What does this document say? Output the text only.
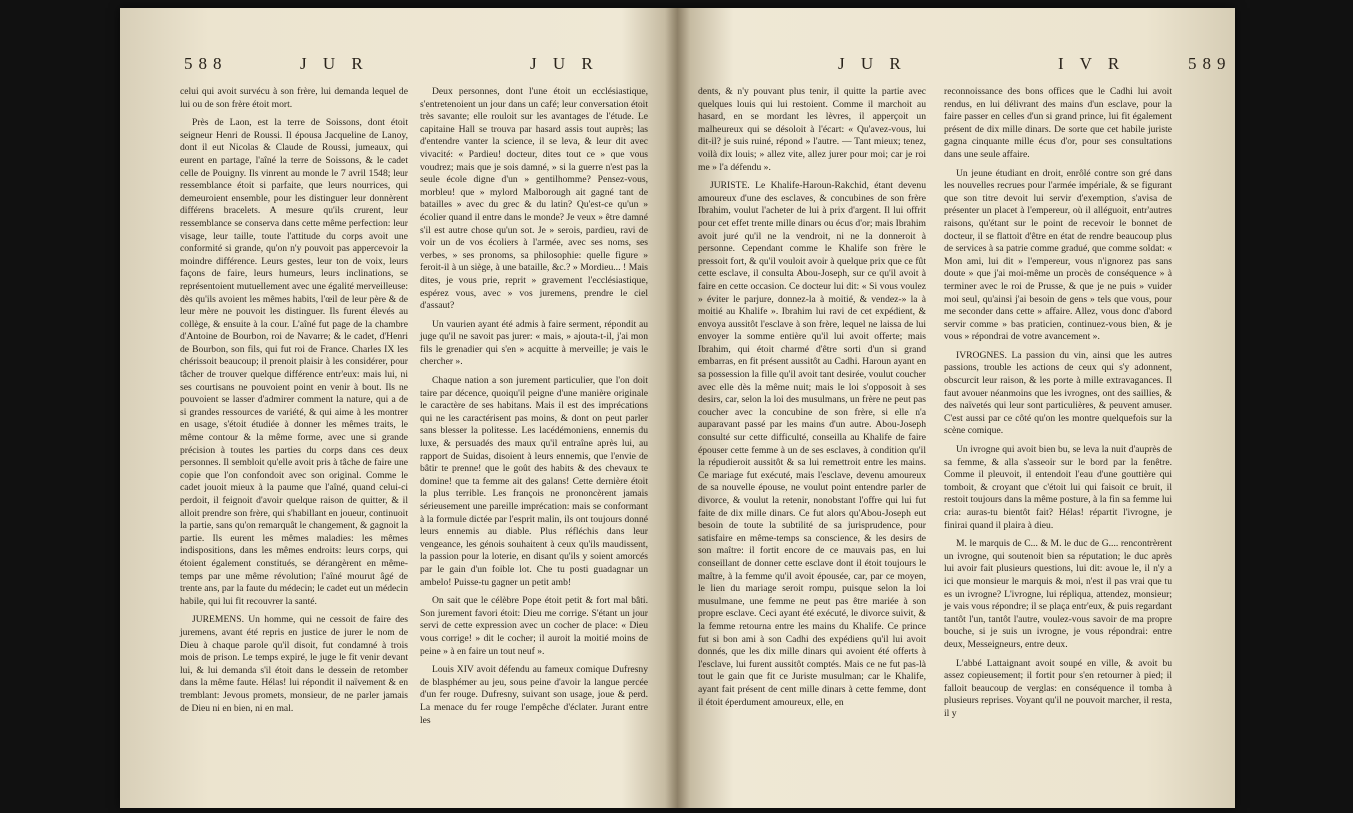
588	J U R	J U R

celui qui avoit survécu à son frère, lui demanda lequel de lui ou de son frère étoit mort.

Près de Laon, est la terre de Soissons, dont étoit seigneur Henri de Roussi. Il épousa Jacqueline de Lanoy, dont il eut Nicolas & Claude de Roussi, jumeaux, qui eurent en partage, l'aîné la terre de Soissons, & le cadet celle de Pouigny. Ils vinrent au monde le 7 avril 1548; leur ressemblance étoit si parfaite, que leurs nourrices, qui demeuroient ensemble, pour les distinguer leur donnèrent différens bracelets. A mesure qu'ils crurent, leur ressemblance se conserva dans cette même perfection: leur visage, leur taille, toute l'attitude du corps avoit une conformité si grande, qu'on n'y pouvoit pas appercevoir la moindre différence. Leurs gestes, leur ton de voix, leurs façons de faire, leurs humeurs, leurs inclinations, se représentoient mutuellement avec une égalité merveilleuse: dès qu'ils avoient les mêmes habits, l'œil de leur père & de leur mère ne pouvoit les distinguer. Ils furent élevés au collège, & ensuite à la cour. L'aîné fut page de la chambre d'Antoine de Bourbon, roi de Navarre; & le cadet, d'Henri de Bourbon, son fils, qui fut roi de France. Charles IX les chérissoit beaucoup; il prenoit plaisir à les considérer, pour tâcher de trouver quelque différence entr'eux: mais lui, ni ses courtisans ne pouvoient point en venir à bout. Ils ne pouvoient se lasser d'admirer comment la nature, qui a de si grandes ressources de variété, & qui aime à les montrer en usage, s'étoit étudiée à donner les mêmes traits, le même contour & la même forme, avec une si grande précision à toutes les parties du corps dans ces deux personnes. Il sembloit qu'elle avoit pris à tâche de faire une copie que l'on confondoit avec son original. Comme le cadet jouoit mieux à la paume que l'aîné, quand celui-ci perdoit, il feignoit d'avoir quelque raison de quitter, & il alloit prendre son frère, qui s'habillant en joueur, continuoit la partie, sans qu'on remarquât le changement, & gagnoit la partie. Ils eurent les mêmes maladies: les mêmes indispositions, dans les mêmes endroits: leurs corps, qui étoient également constitués, se dérangèrent en même-temps par une même révolution; l'aîné mourut âgé de trente ans, par la faute du médecin; le cadet eut un médecin habile, qui lui fit recouvrer la santé.

JUREMENS. Un homme, qui ne cessoit de faire des juremens, avant été repris en justice de jurer le nom de Dieu à chaque parole qu'il disoit, fut condamné à trois mois de prison. Le temps expiré, le juge le fit venir devant lui, & lui demanda s'il étoit dans le dessein de retomber dans la même faute. Hélas! lui répondit il naïvement & en tremblant: Jevous promets, monsieur, de ne parler jamais de Dieu ni en bien, ni en mal.

Deux personnes, dont l'une étoit un ecclésiastique, s'entretenoient un jour dans un café; leur conversation étoit très savante; elle rouloit sur les avantages de l'étude. Le capitaine Hall se trouva par hasard assis tout auprès; las d'entendre vanter la science, il se leva, & leur dit avec vivacité: « Pardieu! docteur, dites tout ce » que vous voudrez; mais que je sois damné, » si la guerre n'est pas la seule école digne d'un » gentilhomme? Pensez-vous, morbleu! que » mylord Malborough ait gagné tant de batailles » avec du grec & du latin? Qu'est-ce qu'un » écolier quand il entre dans le monde? Je veux » être damné s'il est autre chose qu'un sot. Je » serois, pardieu, ravi de voir un de vos écoliers à l'armée, avec ses noms, ses verbes, » ses pronoms, sa philosophie: quelle figure » feroit-il à un siège, à une bataille, &c.? » Mordieu... ! Mais dites, je vous prie, reprit » gravement l'ecclésiastique, espérez vous, avec » vos juremens, prendre le ciel d'assaut?

Un vaurien ayant été admis à faire serment, répondit au juge qu'il ne savoit pas jurer: « mais, » ajouta-t-il, j'ai mon fils le grenadier qui s'en » acquitte à merveille; je vais le chercher ».

Chaque nation a son jurement particulier, que l'on doit taire par décence, quoiqu'il peigne d'une manière originale le caractère de ses habitans. Mais il est des imprécations qui ne les caractérisent pas moins, & dont on peut parler sans blesser la politesse. Les lacédémoniens, ennemis du luxe, & persuadés des maux qu'il entraîne après lui, au rapport de Suidas, disoient à leurs ennemis, que l'envie de bâtir te prenne! que le goût des habits & des chevaux te domine! que ta femme ait des galans! Cette dernière étoit la plus terrible. Les françois ne prononcèrent jamais sérieusement une pareille imprécation: mais se conformant à la formule dictée par l'esprit malin, ils ont toujours donné leurs ennemis au diable. Plus réfléchis dans leur vengeance, les génois souhaitent à ceux qu'ils maudissent, la passion pour la loterie, en disant qu'ils y soient amorcés par le gain d'un foible lot. Che tu posti guadagnar un ambelo! Puisse-tu gagner un petit amb!

On sait que le célèbre Pope étoit petit & fort mal bâti. Son jurement favori étoit: Dieu me corrige. S'étant un jour servi de cette expression avec un cocher de place: « Dieu vous corrige! » dit le cocher; il auroit la moitié moins de peine » à en faire un tout neuf ».

Louis XIV avoit défendu au fameux comique Dufresny de blasphémer au jeu, sous peine d'avoir la langue percée d'un fer rouge. Dufresny, suivant son usage, joue & perd. La menace du fer rouge l'empêche d'éclater. Jurant entre les

J U R	I V R	589

dents, & n'y pouvant plus tenir, il quitte la partie avec quelques louis qui lui restoient. Comme il marchoit au hasard, en se mordant les lèvres, il apperçoit un malheureux qui se désoloit à l'écart: « Qu'avez-vous, lui dit-il? je suis ruiné, répond » l'autre. — Tant mieux; tenez, voilà dix louis; » allez vite, allez jurer pour moi; car je roi me » l'a défendu ».

JURISTE. Le Khalife-Haroun-Rakchid, étant devenu amoureux d'une des esclaves, & concubines de son frère Ibrahim, voulut l'acheter de lui à prix d'argent. Il lui offrit pour cet effet trente mille dinars ou écus d'or; mais Ibrahim avoit juré qu'il ne la vendroit, ni ne la donneroit à personne. Cependant comme le Khalife son frère le pressoit fort, & qu'il vouloit avoir à quelque prix que ce fût cette esclave, il consulta Abou-Joseph, sur ce qu'il avoit à faire en cette occasion. Ce docteur lui dit: « Si vous voulez » éviter le parjure, donnez-la à moitié, & vendez-» la à moitié au Khalife ». Ibrahim lui ravi de cet expédient, & envoya aussitôt l'esclave à son frère, lequel ne laissa de lui envoyer la somme entière qu'il lui avoit offerte; mais Ibrahim, qui étoit charmé d'être sorti d'un si grand embarras, en fit présent aussitôt au Cadhi. Haroun ayant en sa possession la fille qu'il avoit tant desirée, voulut coucher avec elle dès la même nuit; mais le loi s'opposoit à ses desirs, car, selon la loi des musulmans, un frère ne peut pas coucher avec la concubine de son frère, si elle n'a auparavant passé par les mains d'un autre. Abou-Joseph consulté sur cette difficulté, conseilla au Khalife de faire épouser cette femme à un de ses esclaves, à condition qu'il la répudieroit aussitôt & sa lui remettroit entre les mains. Ce mariage fut exécuté, mais l'esclave, devenu amoureux de sa nouvelle épouse, ne voulut point entendre parler de divorce, & voulut la retenir, nonobstant l'offre qui lui fut faite de dix mille dinars. Ce fut alors qu'Abou-Joseph eut besoin de toute la subtilité de sa jurisprudence, pour satisfaire en même-temps sa conscience, & les desirs de son maître: il fortit encore de ce mauvais pas, en lui conseillant de donner cette esclave dont il étoit toujours le maître, à la femme qu'il avoit épousée, car, par ce moyen, le lien du mariage seroit rompu, puisque selon la loi musulmane, une femme ne peut pas être mariée à son propre esclave. Ceci ayant été exécuté, le divorce suivit, & la femme retourna entre les mains du Khalife. Ce prince fut si bon ami à son Cadhi des expédiens qu'il lui avoit donnés, que les dix mille dinars qui avoient été offerts à l'esclave, lui furent aussitôt comptés. Mais ce ne fut pas-là tout le gain que fit ce Juriste musulman; car le Khalife, ayant fait présent de cent mille dinars à cette femme, dont il étoit éperdument amoureux, elle, en

reconnoissance des bons offices que le Cadhi lui avoit rendus, en lui délivrant des mains d'un esclave, pour la faire passer en celles d'un si grand prince, lui fit également présent de dix mille dinars. De sorte que cet habile juriste gagna cinquante mille écus d'or, pour ses consultations dans une seule affaire.

Un jeune étudiant en droit, enrôlé contre son gré dans les nouvelles recrues pour l'armée impériale, & se figurant que son titre devoit lui servir d'exemption, s'avisa de présenter un placet à l'empereur, où il alléguoit, entr'autres raisons, qu'étant sur le point de recevoir le bonnet de docteur, il se flattoit d'être en état de rendre beaucoup plus de services à sa patrie comme gradué, que comme soldat: « Mon ami, lui dit » l'empereur, vous n'ignorez pas sans doute » que j'ai moi-même un procès de conséquence » à terminer avec le roi de Prusse, & que je ne puis » vuider moi seul, qu'ainsi j'ai besoin de gens » tels que vous, pour me seconder dans cette » affaire. Allez, vous donc d'abord servir comme » bas praticien, continuez-vous bien, & je vous » répondrai de votre avancement ».

IVROGNES. La passion du vin, ainsi que les autres passions, trouble les actions de ceux qui s'y adonnent, obscurcit leur raison, & les porte à mille extravagances. Il faut avouer néanmoins que les ivrognes, ont des saillies, & des naïvetés qui leur sont particulières, & peuvent amuser. C'est aussi par ce côté qu'on les montre quelquefois sur la scène comique.

Un ivrogne qui avoit bien bu, se leva la nuit d'auprès de sa femme, & alla s'asseoir sur le bord par la fenêtre. Comme il pleuvoit, il entendoit l'eau d'une gouttière qui tomboit, & croyant que c'étoit lui qui faisoit ce bruit, il restoit toujours dans la même posture, à la fin sa femme lui cria: auras-tu bientôt fait? Hélas! répartit l'ivrogne, je finirai quand il plaira à dieu.

M. le marquis de C... & M. le duc de G.... rencontrèrent un ivrogne, qui soutenoit bien sa réputation; le duc après lui avoir fait plusieurs questions, lui dit: avoue le, il n'y a ici que monsieur le marquis & moi, n'est il pas vrai que tu es un ivrogne? L'ivrogne, lui répliqua, attendez, monsieur; je vais vous répondre; il se plaça entr'eux, & puis regardant tantôt l'un, tantôt l'autre, voulez-vous savoir de ma propre bouche, si je suis un ivrogne, je vous répondrai: entre deux, Messeigneurs, entre deux.

L'abbé Lattaignant avoit soupé en ville, & avoit bu assez copieusement; il fortit pour s'en retourner à pied; il falloit beaucoup de verglas: en conséquence il tomba à plusieurs reprises. Voyant qu'il ne pouvoit marcher, il resta, il y
